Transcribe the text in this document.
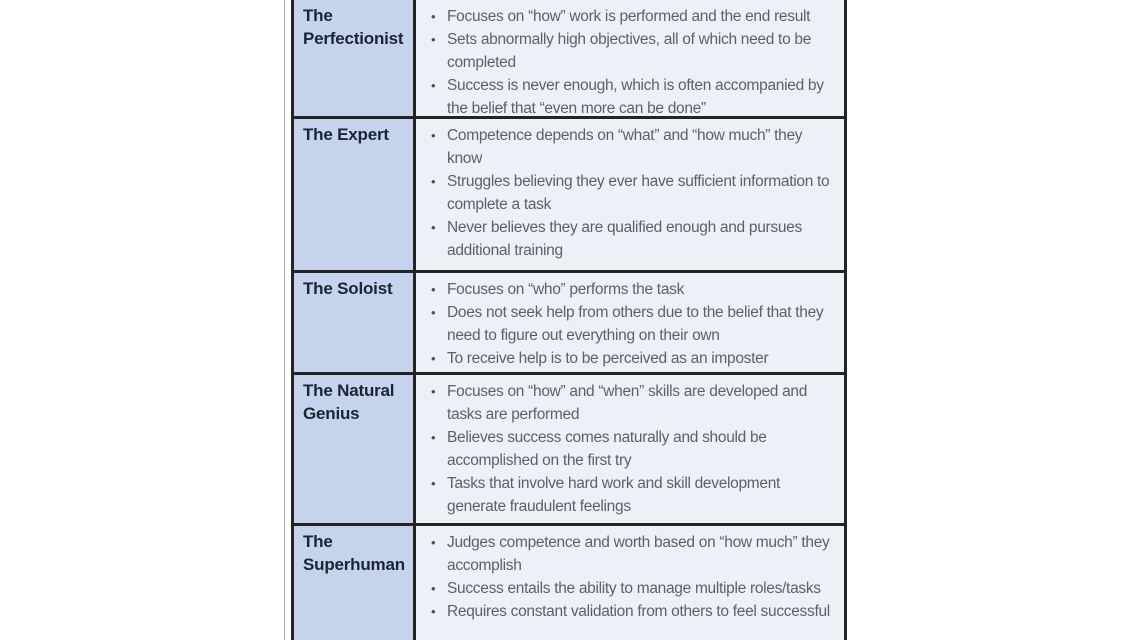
The Perfectionist
• Focuses on “how” work is performed and the end result
• Sets abnormally high objectives, all of which need to be completed
• Success is never enough, which is often accompanied by the belief that “even more can be done”
The Expert	• Competence depends on “what” and “how much” they know
• Struggles believing they ever have sufficient information to complete a task
• Never believes they are qualified enough and pursues additional training
The Soloist	• Focuses on “who” performs the task
• Does not seek help from others due to the belief that they need to figure out everything on their own
• To receive help is to be perceived as an imposter
The Natural Genius
• Focuses on “how” and “when” skills are developed and tasks are performed
• Believes success comes naturally and should be accomplished on the first try
• Tasks that involve hard work and skill development generate fraudulent feelings
The Superhuman
• Judges competence and worth based on “how much” they accomplish
• Success entails the ability to manage multiple roles/tasks
• Requires constant validation from others to feel successful
